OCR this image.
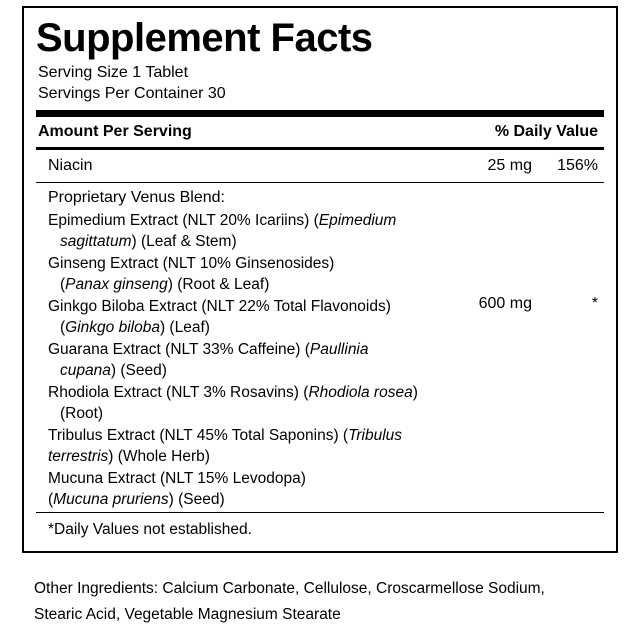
Supplement Facts
Serving Size 1 Tablet
Servings Per Container 30
Amount Per Serving	% Daily Value
Niacin	25 mg	156%
Proprietary Venus Blend:
Epimedium Extract (NLT 20% Icariins) (Epimedium
sagittatum) (Leaf & Stem)
Ginseng Extract (NLT 10% Ginsenosides)
(Panax ginseng) (Root & Leaf)
Ginkgo Biloba Extract (NLT 22% Total Flavonoids)
(Ginkgo biloba) (Leaf)
Guarana Extract (NLT 33% Caffeine) (Paullinia
cupana) (Seed)
Rhodiola Extract (NLT 3% Rosavins) (Rhodiola rosea)
(Root)
Tribulus Extract (NLT 45% Total Saponins) (Tribulus
terrestris) (Whole Herb)
Mucuna Extract (NLT 15% Levodopa)
(Mucuna pruriens) (Seed)
600 mg	*
*Daily Values not established.
Other Ingredients: Calcium Carbonate, Cellulose, Croscarmellose Sodium,
Stearic Acid, Vegetable Magnesium Stearate
